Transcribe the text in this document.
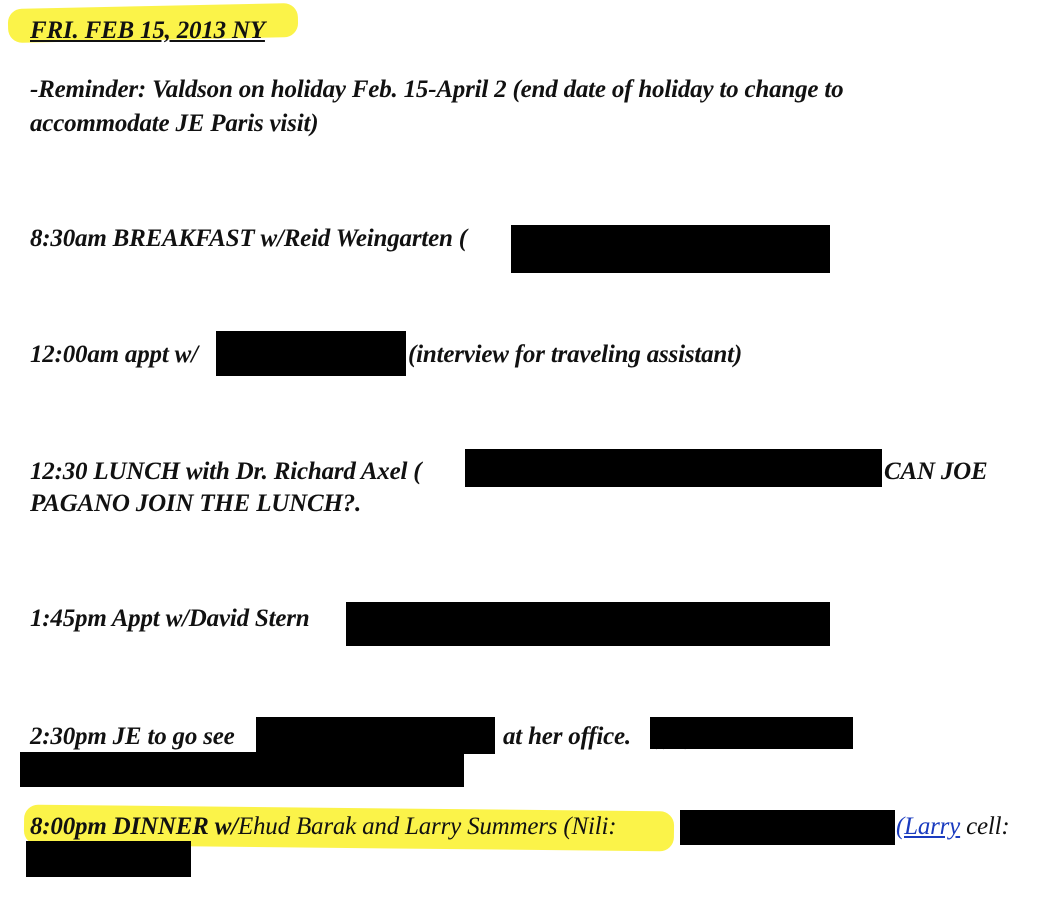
FRI. FEB 15, 2013 NY
-Reminder: Valdson on holiday Feb. 15-April 2 (end date of holiday to change to
accommodate JE Paris visit)
8:30am BREAKFAST w/Reid Weingarten (
12:00am appt w/	(interview for traveling assistant)
12:30 LUNCH with Dr. Richard Axel (	CAN JOE
PAGANO JOIN THE LUNCH?.
1:45pm Appt w/David Stern
2:30pm JE to go see	at her office.
8:00pm DINNER w/Ehud Barak and Larry Summers (Nili:	(Larry cell:
